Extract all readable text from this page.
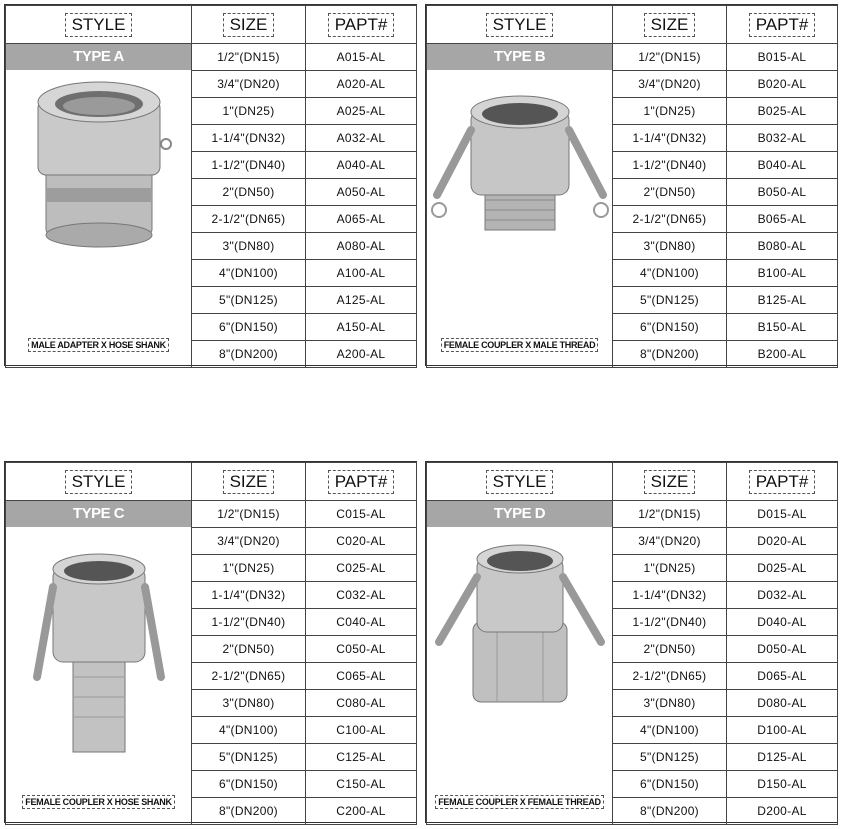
STYLE	SIZE	PAPT#

TYPE A
MALE ADAPTER X HOSE SHANK	1/2"(DN15)	A015-AL
	3/4"(DN20)	A020-AL
	1"(DN25)	A025-AL
	1-1/4"(DN32)	A032-AL
	1-1/2"(DN40)	A040-AL
	2"(DN50)	A050-AL
	2-1/2"(DN65)	A065-AL
	3"(DN80)	A080-AL
	4"(DN100)	A100-AL
	5"(DN125)	A125-AL
	6"(DN150)	A150-AL
	8"(DN200)	A200-AL
STYLE	SIZE	PAPT#

TYPE B
FEMALE COUPLER X MALE THREAD	1/2"(DN15)	B015-AL
	3/4"(DN20)	B020-AL
	1"(DN25)	B025-AL
	1-1/4"(DN32)	B032-AL
	1-1/2"(DN40)	B040-AL
	2"(DN50)	B050-AL
	2-1/2"(DN65)	B065-AL
	3"(DN80)	B080-AL
	4"(DN100)	B100-AL
	5"(DN125)	B125-AL
	6"(DN150)	B150-AL
	8"(DN200)	B200-AL
STYLE	SIZE	PAPT#

TYPE C
FEMALE COUPLER X HOSE SHANK	1/2"(DN15)	C015-AL
	3/4"(DN20)	C020-AL
	1"(DN25)	C025-AL
	1-1/4"(DN32)	C032-AL
	1-1/2"(DN40)	C040-AL
	2"(DN50)	C050-AL
	2-1/2"(DN65)	C065-AL
	3"(DN80)	C080-AL
	4"(DN100)	C100-AL
	5"(DN125)	C125-AL
	6"(DN150)	C150-AL
	8"(DN200)	C200-AL
STYLE	SIZE	PAPT#

TYPE D
FEMALE COUPLER X FEMALE THREAD	1/2"(DN15)	D015-AL
	3/4"(DN20)	D020-AL
	1"(DN25)	D025-AL
	1-1/4"(DN32)	D032-AL
	1-1/2"(DN40)	D040-AL
	2"(DN50)	D050-AL
	2-1/2"(DN65)	D065-AL
	3"(DN80)	D080-AL
	4"(DN100)	D100-AL
	5"(DN125)	D125-AL
	6"(DN150)	D150-AL
	8"(DN200)	D200-AL
